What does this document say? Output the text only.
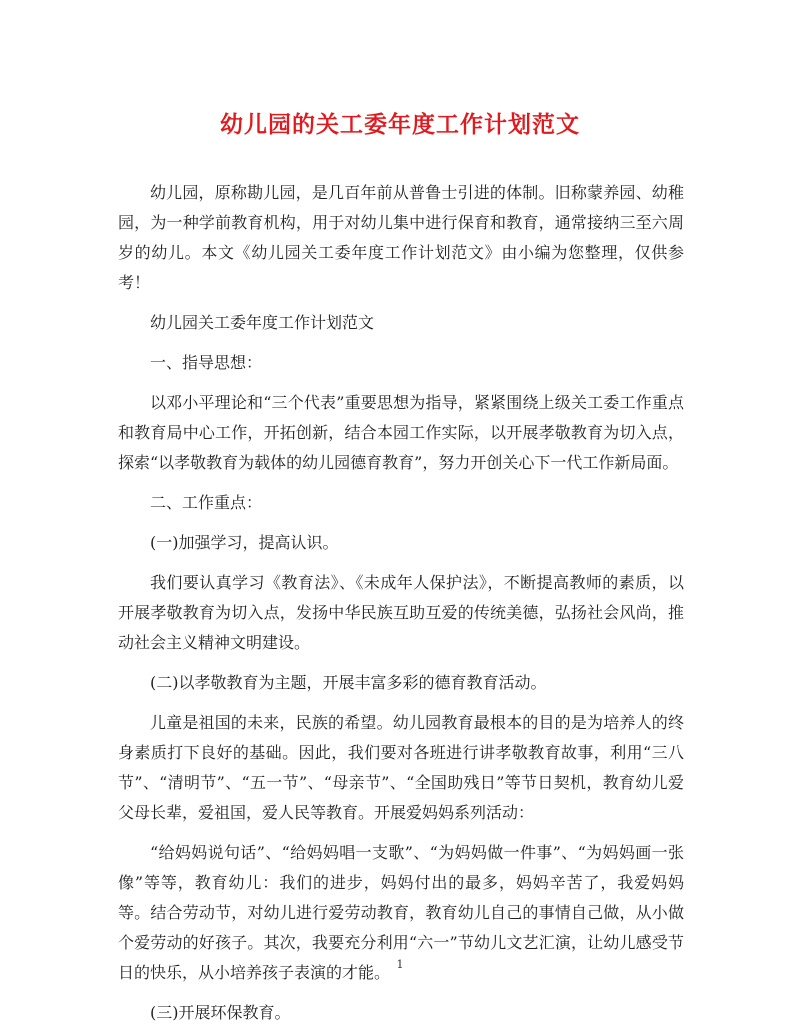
幼儿园的关工委年度工作计划范文

幼儿园，原称勘儿园，是几百年前从普鲁士引进的体制。旧称蒙养园、幼稚园，为一种学前教育机构，用于对幼儿集中进行保育和教育，通常接纳三至六周岁的幼儿。本文《幼儿园关工委年度工作计划范文》由小编为您整理，仅供参考！

幼儿园关工委年度工作计划范文

一、指导思想：

以邓小平理论和“三个代表”重要思想为指导，紧紧围绕上级关工委工作重点和教育局中心工作，开拓创新，结合本园工作实际，以开展孝敬教育为切入点，探索“以孝敬教育为载体的幼儿园德育教育”，努力开创关心下一代工作新局面。

二、工作重点：

(一)加强学习，提高认识。

我们要认真学习《教育法》、《未成年人保护法》，不断提高教师的素质，以开展孝敬教育为切入点，发扬中华民族互助互爱的传统美德，弘扬社会风尚，推动社会主义精神文明建设。

(二)以孝敬教育为主题，开展丰富多彩的德育教育活动。

儿童是祖国的未来，民族的希望。幼儿园教育最根本的目的是为培养人的终身素质打下良好的基础。因此，我们要对各班进行讲孝敬教育故事，利用“三八节”、“清明节”、“五一节”、“母亲节”、“全国助残日”等节日契机，教育幼儿爱父母长辈，爱祖国，爱人民等教育。开展爱妈妈系列活动：

“给妈妈说句话”、“给妈妈唱一支歌”、“为妈妈做一件事”、“为妈妈画一张像”等等，教育幼儿：我们的进步，妈妈付出的最多，妈妈辛苦了，我爱妈妈等。结合劳动节，对幼儿进行爱劳动教育，教育幼儿自己的事情自己做，从小做个爱劳动的好孩子。其次，我要充分利用“六一”节幼儿文艺汇演，让幼儿感受节日的快乐，从小培养孩子表演的才能。

(三)开展环保教育。

1
